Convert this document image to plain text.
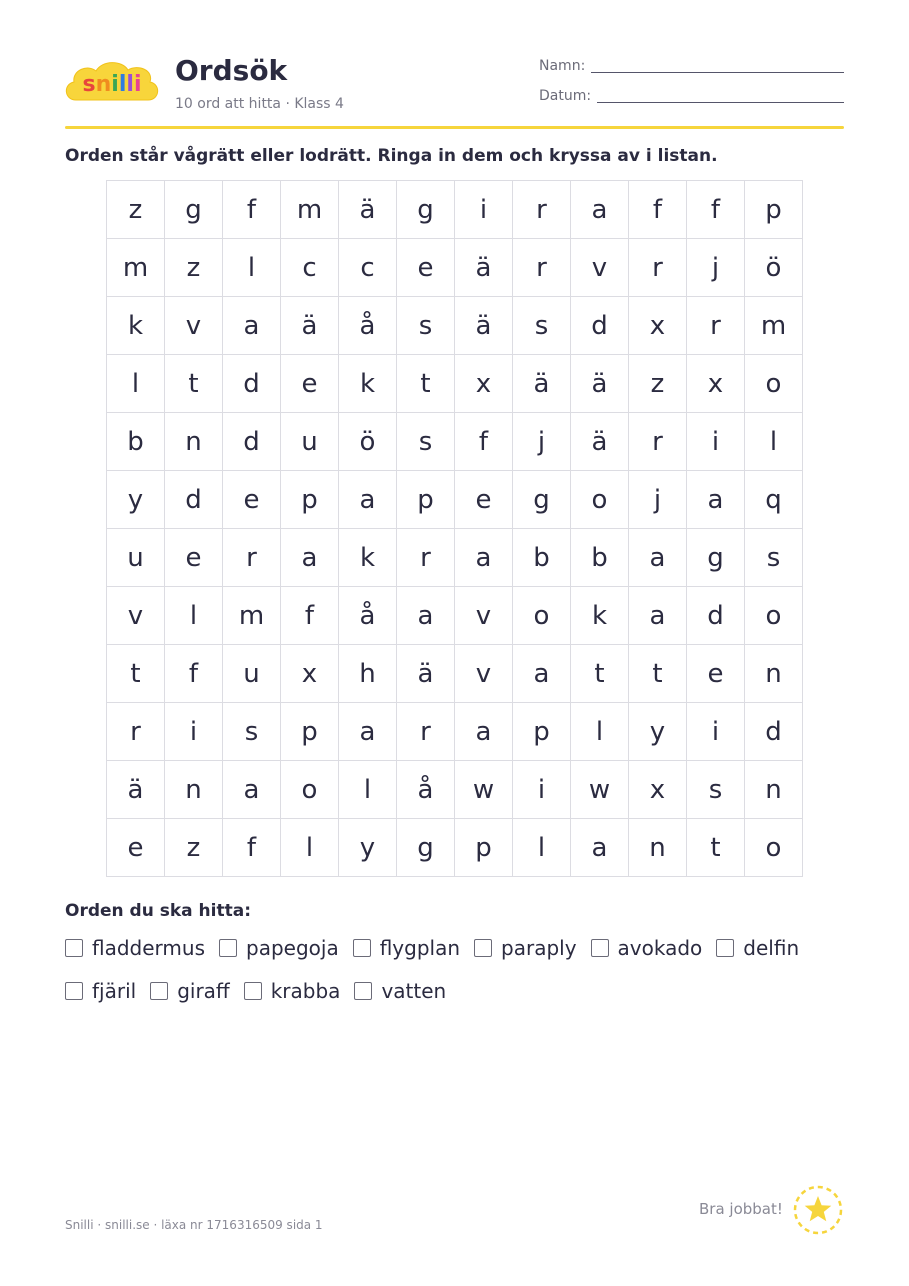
snilli Ordsök
10 ord att hitta · Klass 4
Namn:
Datum:
Orden står vågrätt eller lodrätt. Ringa in dem och kryssa av i listan.
z	g	f	m	ä	g	i	r	a	f	f	p
m	z	l	c	c	e	ä	r	v	r	j	ö
k	v	a	ä	å	s	ä	s	d	x	r	m
l	t	d	e	k	t	x	ä	ä	z	x	o
b	n	d	u	ö	s	f	j	ä	r	i	l
y	d	e	p	a	p	e	g	o	j	a	q
u	e	r	a	k	r	a	b	b	a	g	s
v	l	m	f	å	a	v	o	k	a	d	o
t	f	u	x	h	ä	v	a	t	t	e	n
r	i	s	p	a	r	a	p	l	y	i	d
ä	n	a	o	l	å	w	i	w	x	s	n
e	z	f	l	y	g	p	l	a	n	t	o
Orden du ska hitta:
fladdermus papegoja flygplan paraply avokado delfin
fjäril giraff krabba vatten
Snilli · snilli.se · läxa nr 1716316509 sida 1
Bra jobbat!
